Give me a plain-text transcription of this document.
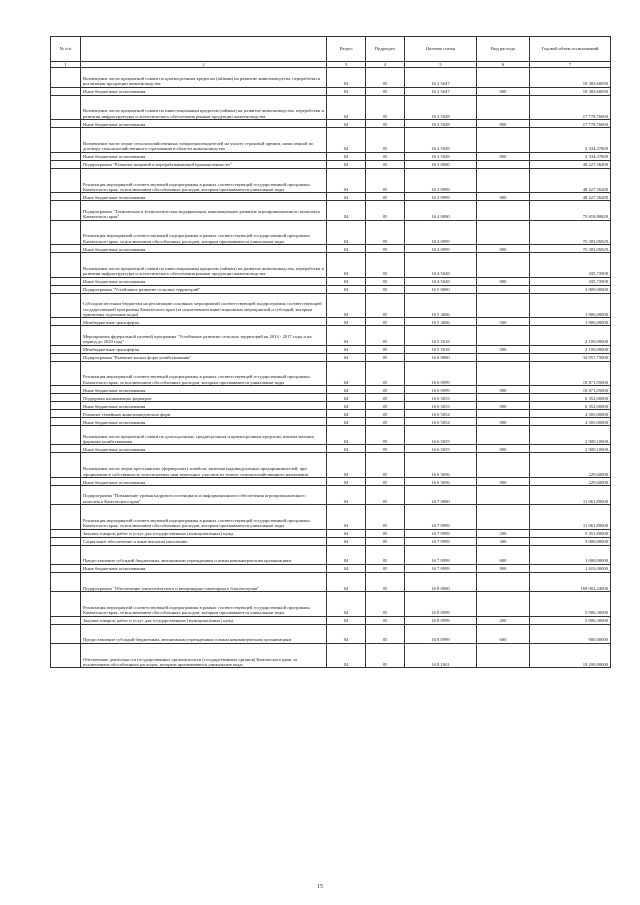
№ п/п		Раздел	Подраздел	Целевая статья	Вид расхода	Годовой объем ассигнований
1	2	3	4	5	6	7
	Возмещение части процентной ставки по краткосрочным кредитам (займам) на развитие животноводства, переработки и реализации продукции животноводства	04	05	16 2 5047		18 383,60050
	Иные бюджетные ассигнования	04	05	16 2 5047	800	18 383,60050
	Возмещение части процентной ставки по инвестиционным кредитам (займам) на развитие животноводства, переработки и развития инфраструктуры и логистического обеспечения рынков продукции животноводства	04	05	16 2 5048		17 778,76600
	Иные бюджетные ассигнования	04	05	16 2 5048	800	17 778,76600
	Возмещение части затрат сельскохозяйственных товаропроизводителей на уплату страховой премии, начисленной по договору сельскохозяйственного страхования в области животноводства	04	05	16 2 5049		3 334,37800
	Иные бюджетные ассигнования	04	05	16 2 5049	800	3 334,37800
	Подпрограмма "Развитие пищевой и перерабатывающей промышленности"	04	05	16 3 0000		48 227,36200
	Реализация мероприятий соответствующей подпрограммы в рамках соответствующей государственной программы Камчатского края, за исключением обособленных расходов, которым присваиваются уникальные коды	04	05	16 3 0999		48 227,36200
	Иные бюджетные ассигнования	04	05	16 3 0999	800	48 227,36200
	Подпрограмма "Техническая и технологическая модернизация, инновационное развитие агропромышленного комплекса Камчатского края"	04	05	16 4 0000		75 818,80829
	Реализация мероприятий соответствующей подпрограммы в рамках соответствующей государственной программы Камчатского края, за исключением обособленных расходов, которым присваиваются уникальные коды	04	05	16 4 0999		75 383,06929
	Иные бюджетные ассигнования	04	05	16 4 0999	800	75 383,06929
	Возмещение части процентной ставки по инвестиционным кредитам (займам) на развитие животноводства, переработки и развития инфраструктуры и логистического обеспечения рынков продукции животноводства	04	05	16 4 5048		435,73900
	Иные бюджетные ассигнования	04	05	16 4 5048	800	435,73900
	Подпрограмма "Устойчивое развитие сельских территорий"	04	05	16 5 0000		3 909,00000
	Субсидии местным бюджетам на реализацию основных мероприятий соответствующей подпрограммы соответствующей государственной программы Камчатского края (за исключением инвестиционных мероприятий и субсидий, которым присвоены отдельные коды)	04	05	16 5 4006		1 800,00000
	Межбюджетные трансферты	04	05	16 5 4006	500	1 800,00000
	Мероприятия федеральной целевой программы "Устойчивое развитие сельских территорий на 2014 - 2017 годы и на период до 2020 года"	04	05	16 5 5018		2 109,00000
	Межбюджетные трансферты	04	05	16 5 5018	500	2 109,00000
	Подпрограмма "Развитие малых форм хозяйствования"	04	05	16 6 0000		32 857,75000
	Реализация мероприятий соответствующей подпрограммы в рамках соответствующей государственной программы Камчатского края, за исключением обособленных расходов, которым присваиваются уникальные коды	04	05	16 6 0999		18 871,05000
	Иные бюджетные ассигнования	04	05	16 6 0999	800	18 871,05000
	Поддержка начинающих фермеров	04	05	16 6 5053		6 352,00000
	Иные бюджетные ассигнования	04	05	16 6 5053	800	6 352,00000
	Развитие семейных животноводческих ферм	04	05	16 6 5054		4 505,00000
	Иные бюджетные ассигнования	04	05	16 6 5054	800	4 505,00000
	Возмещение части процентной ставки по долгосрочным, среднесрочным и краткосрочным кредитам, взятым малыми формами хозяйствования	04	05	16 6 5055		2 900,10000
	Иные бюджетные ассигнования	04	05	16 6 5055	800	2 900,10000
	Возмещение части затрат крестьянских (фермерских) хозяйств, включая индивидуальных предпринимателей, при оформлении в собственность используемых ими земельных участков из земель сельскохозяйственного назначения	04	05	16 6 5056		229,60000
	Иные бюджетные ассигнования	04	05	16 6 5056	800	229,60000
	Подпрограмма "Повышение уровня кадрового потенциала и информационного обеспечения агропромышленного комплекса Камчатского края"	04	05	16 7 0000		11 061,80000
	Реализация мероприятий соответствующей подпрограммы в рамках соответствующей государственной программы Камчатского края, за исключением обособленных расходов, которым присваиваются уникальные коды	04	05	16 7 0999		11 061,80000
	Закупка товаров, работ и услуг для государственных (муниципальных) нужд	04	05	16 7 0999	200	5 451,80000
	Социальное обеспечение и иные выплаты населению	04	05	16 7 0999	300	3 000,00000
	Предоставление субсидий бюджетным, автономным учреждениям и иным некоммерческим организациям	04	05	16 7 0999	600	1 000,00000
	Иные бюджетные ассигнования	04	05	16 7 0999	800	1 610,00000
	Подпрограмма "Обеспечение эпизоотического и ветеринарно-санитарного благополучия"	04	05	16 8 0000		169 002,24000
	Реализация мероприятий соответствующей подпрограммы в рамках соответствующей государственной программы Камчатского края, за исключением обособленных расходов, которым присваиваются уникальные коды	04	05	16 8 0999		5 906,30000
	Закупка товаров, работ и услуг для государственных (муниципальных) нужд	04	05	16 8 0999	200	5 006,30000
	Предоставление субсидий бюджетным, автономным учреждениям и иным некоммерческим организациям	04	05	16 8 0999	600	900,00000
	Обеспечение деятельности государственных органов власти (государственных органов) Камчатского края, за исключением обособленных расходов, которым присваиваются уникальные коды	04	05	16 8 1001		19 299,00000
15
